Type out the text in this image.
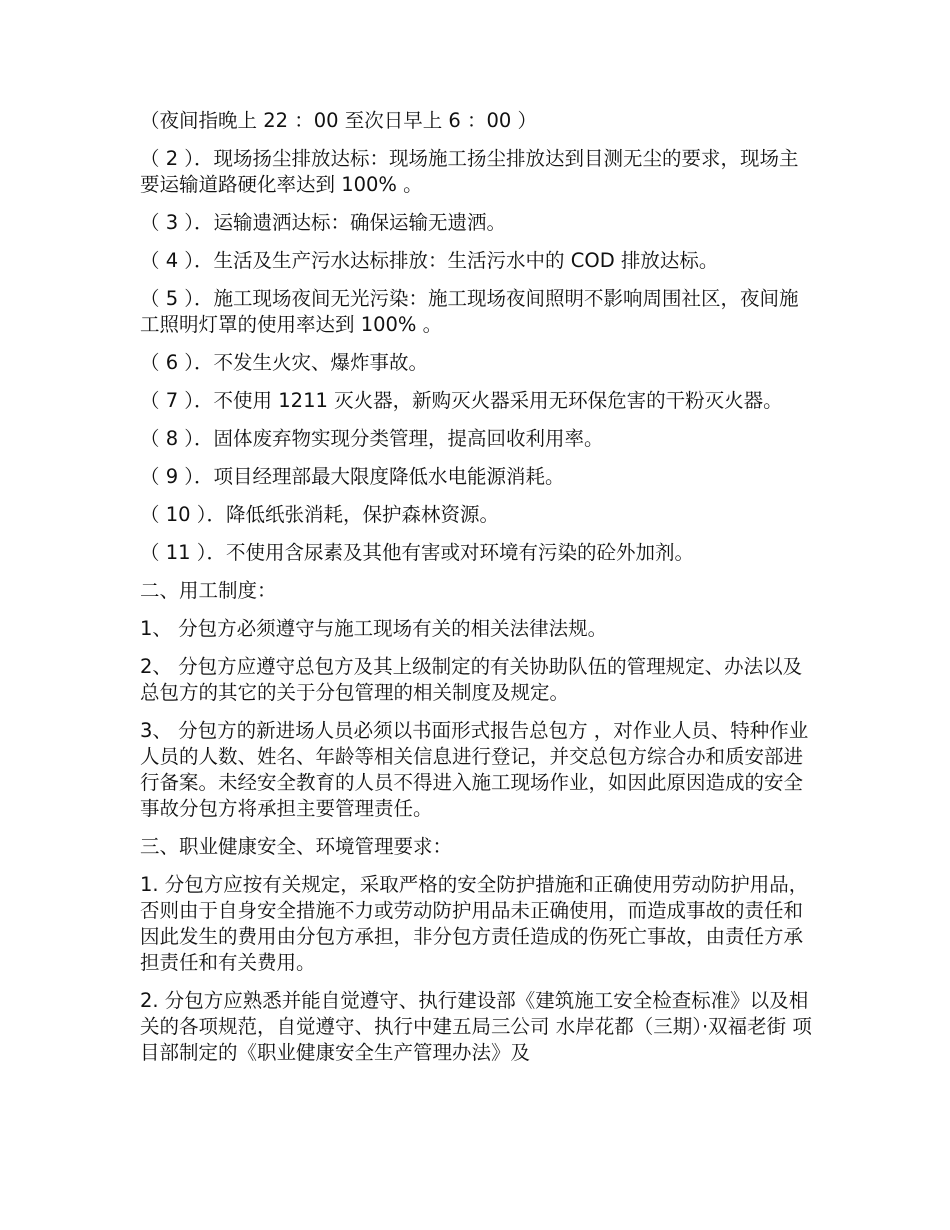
（夜间指晚上 22 ：00 至次日早上 6 ：00 ）

（ 2 ）．现场扬尘排放达标：现场施工扬尘排放达到目测无尘的要求，现场主要运输道路硬化率达到 100% 。

（ 3 ）．运输遗洒达标：确保运输无遗洒。

（ 4 ）．生活及生产污水达标排放：生活污水中的 COD 排放达标。

（ 5 ）．施工现场夜间无光污染：施工现场夜间照明不影响周围社区，夜间施工照明灯罩的使用率达到 100% 。

（ 6 ）．不发生火灾、爆炸事故。

（ 7 ）．不使用 1211 灭火器，新购灭火器采用无环保危害的干粉灭火器。

（ 8 ）．固体废弃物实现分类管理，提高回收利用率。

（ 9 ）．项目经理部最大限度降低水电能源消耗。

（ 10 ）．降低纸张消耗，保护森林资源。

（ 11 ）．不使用含尿素及其他有害或对环境有污染的砼外加剂。

二、用工制度：

1、 分包方必须遵守与施工现场有关的相关法律法规。

2、 分包方应遵守总包方及其上级制定的有关协助队伍的管理规定、办法以及总包方的其它的关于分包管理的相关制度及规定。

3、 分包方的新进场人员必须以书面形式报告总包方 ，对作业人员、特种作业人员的人数、姓名、年龄等相关信息进行登记，并交总包方综合办和质安部进行备案。未经安全教育的人员不得进入施工现场作业，如因此原因造成的安全事故分包方将承担主要管理责任。

三、职业健康安全、环境管理要求：

1. 分包方应按有关规定，采取严格的安全防护措施和正确使用劳动防护用品，否则由于自身安全措施不力或劳动防护用品未正确使用，而造成事故的责任和因此发生的费用由分包方承担，非分包方责任造成的伤死亡事故，由责任方承担责任和有关费用。

2. 分包方应熟悉并能自觉遵守、执行建设部《建筑施工安全检查标准》以及相 关的各项规范，自觉遵守、执行中建五局三公司 水岸花都（三期）·双福老街 项目部制定的《职业健康安全生产管理办法》及
